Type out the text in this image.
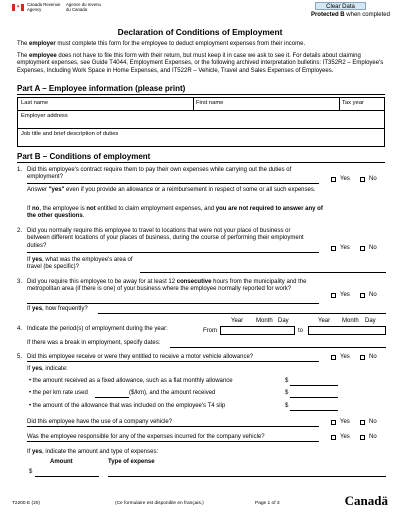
✦ Canada Revenue
Agency
Agence du revenu
du Canada	Clear Data
Protected B when completed
Declaration of Conditions of Employment
The employer must complete this form for the employee to deduct employment expenses from their income.
The employee does not have to file this form with their return, but must keep it in case we ask to see it. For details about claiming employment expenses, see Guide T4044, Employment Expenses, or the following archived interpretation bulletins: IT352R2 – Employee's Expenses, Including Work Space in Home Expenses, and IT522R – Vehicle, Travel and Sales Expenses of Employees.
Part A – Employee information (please print)
Last name	First name	Tax year
Employer address
Job title and brief description of duties
Part B – Conditions of employment
1. Did this employee's contract require them to pay their own expenses while carrying out the duties of employment?	Yes	No
Answer "yes" even if you provide an allowance or a reimbursement in respect of some or all such expenses.
If no, the employee is not entitled to claim employment expenses, and you are not required to answer any of the other questions.
2. Did you normally require this employee to travel to locations that were not your place of business or between different locations of your places of business, during the course of performing their employment duties?	Yes	No
If yes, what was the employee's area of travel (be specific)?
3. Did you require this employee to be away for at least 12 consecutive hours from the municipality and the metropolitan area (if there is one) of your business where the employee normally reported for work?
Yes	No
If yes, how frequently?
Year Month Day	Year Month Day
4. Indicate the period(s) of employment during the year:	From	to
If there was a break in employment, specify dates:
5. Did this employee receive or were they entitled to receive a motor vehicle allowance?	Yes	No
If yes, indicate:
• the amount received as a fixed allowance, such as a flat monthly allowance	$
• the per km rate used	($/km), and the amount received	$
• the amount of the allowance that was included on the employee's T4 slip	$
Did this employee have the use of a company vehicle?	Yes	No
Was the employee responsible for any of the expenses incurred for the company vehicle?	Yes	No
If yes, indicate the amount and type of expenses:
Amount	Type of expense
$
T2200 E (20)	(Ce formulaire est disponible en français.)	Page 1 of 3	Canadä
